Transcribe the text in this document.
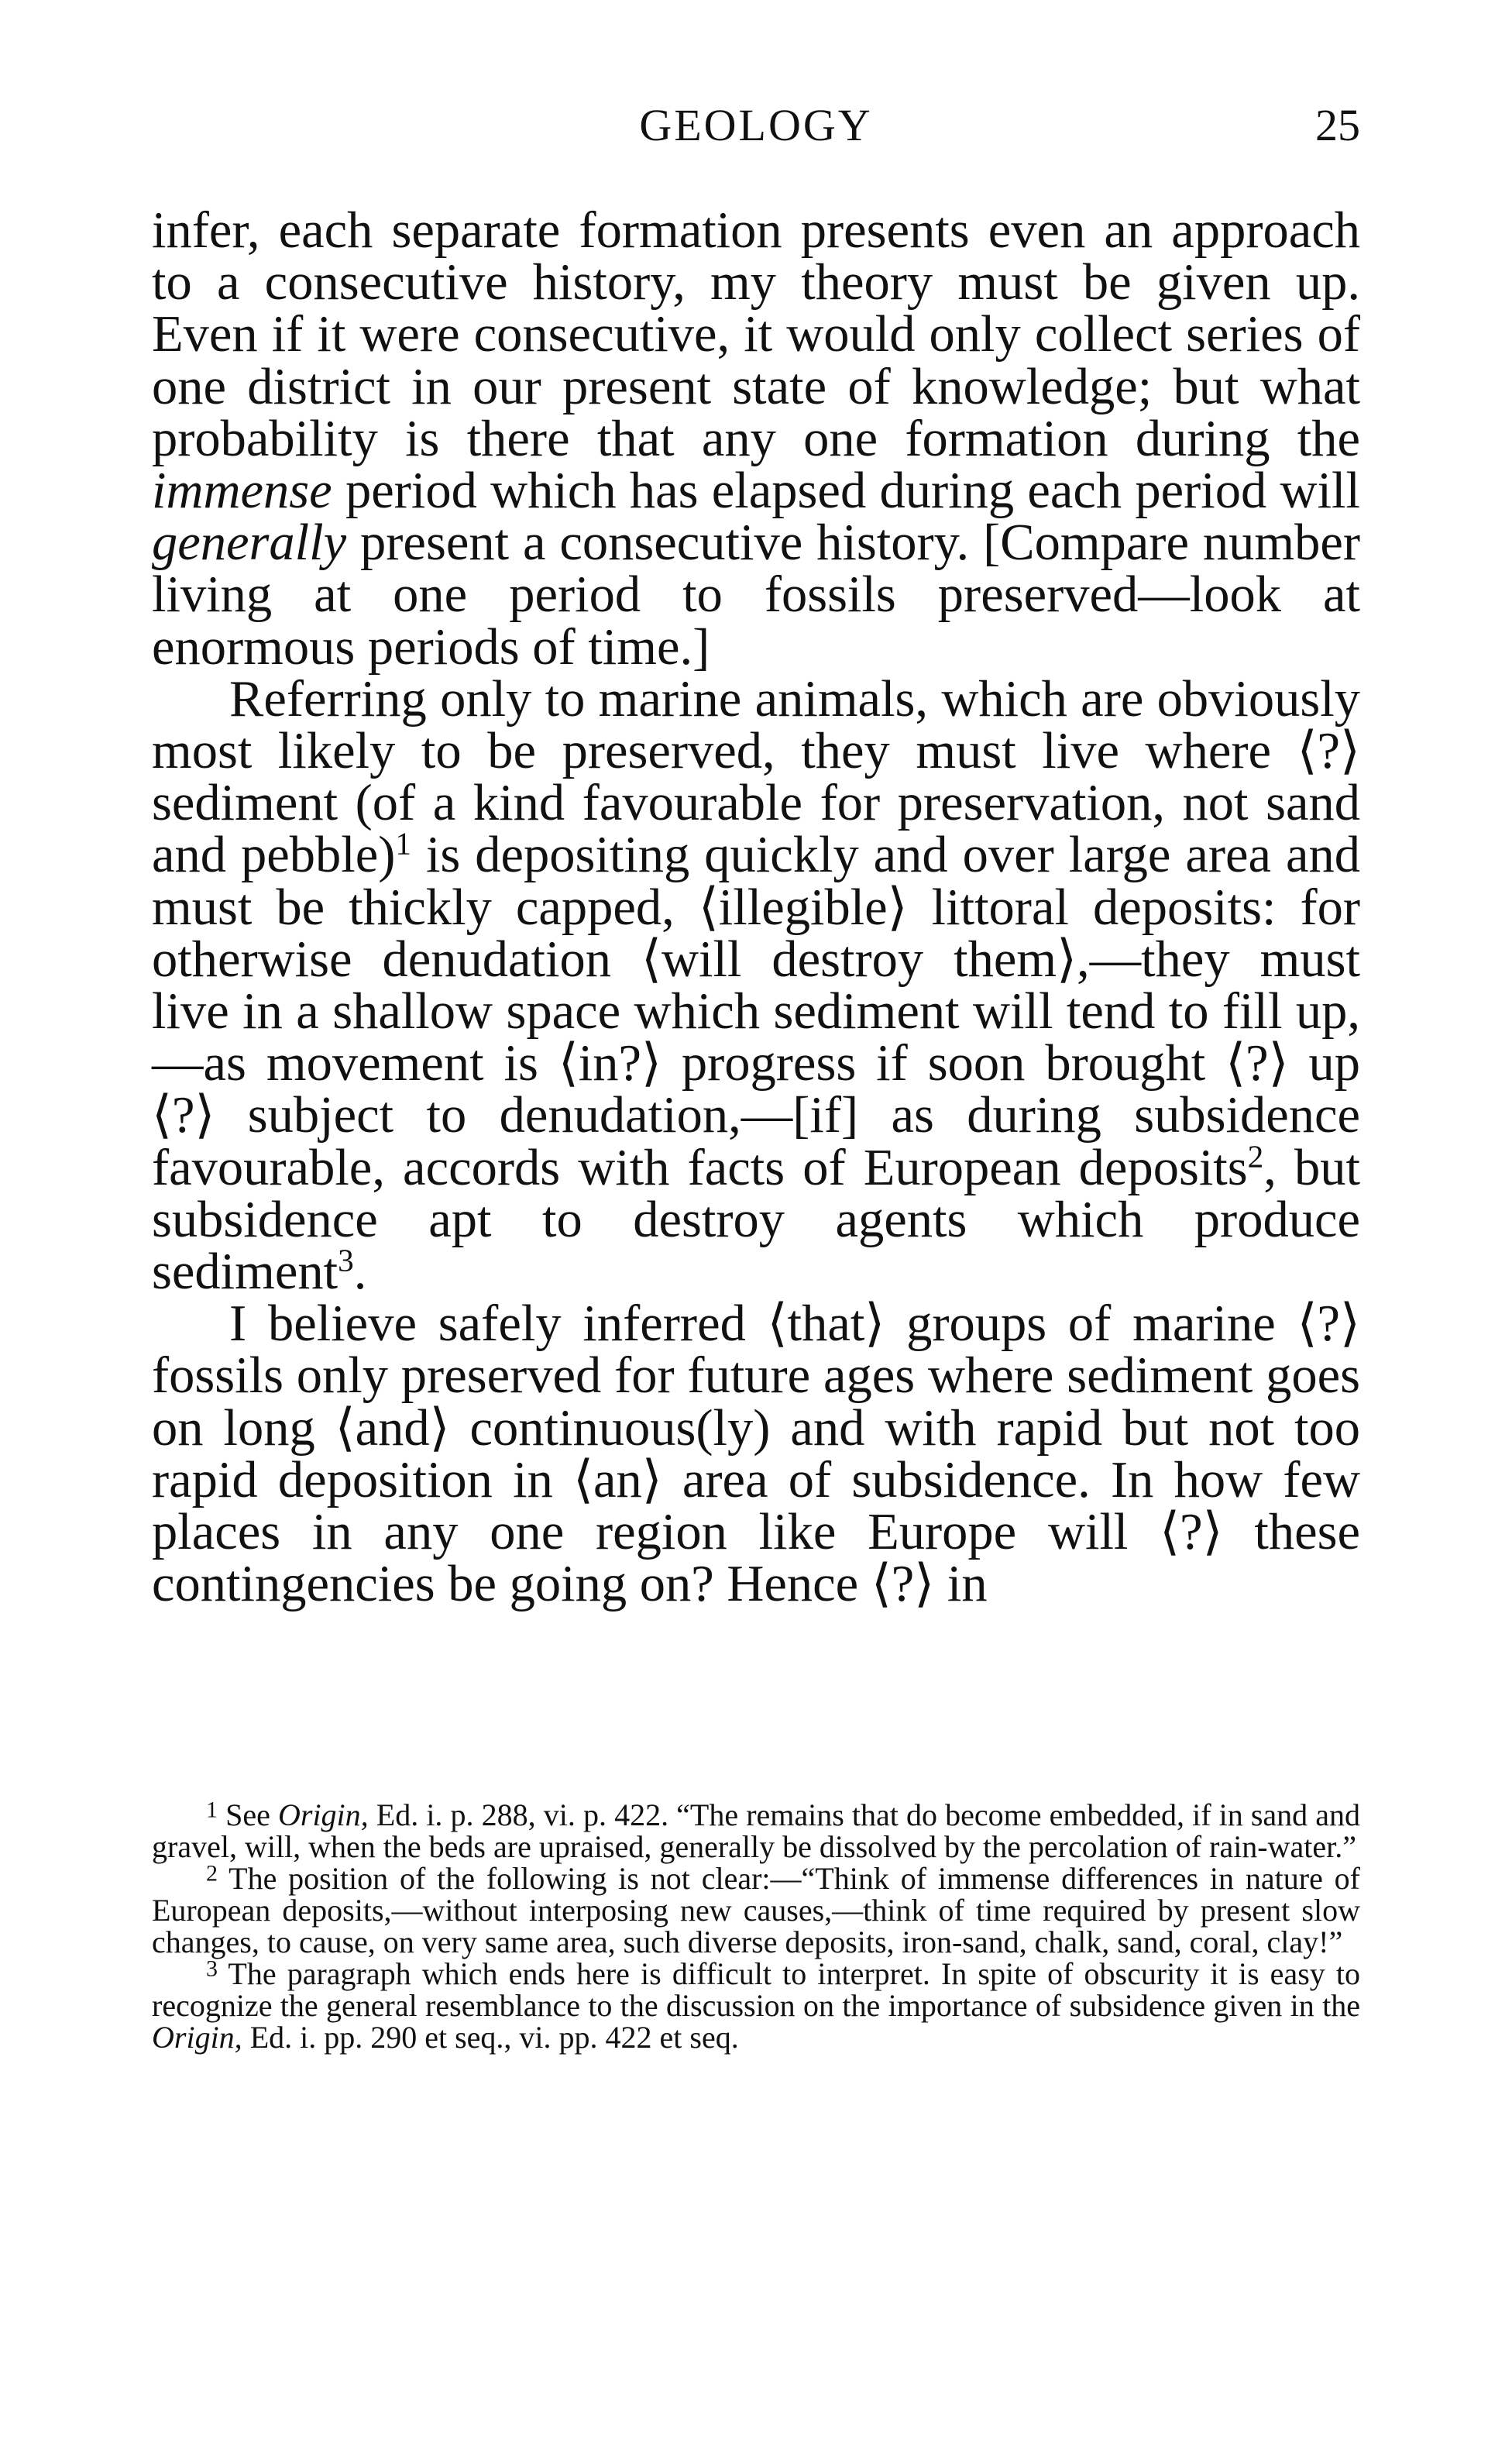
GEOLOGY	25

infer, each separate formation presents even an approach to a consecutive history, my theory must be given up. Even if it were consecutive, it would only collect series of one district in our present state of knowledge; but what probability is there that any one formation during the immense period which has elapsed during each period will generally present a consecutive history. [Compare number living at one period to fossils preserved—look at enormous periods of time.]

Referring only to marine animals, which are obviously most likely to be preserved, they must live where ⟨?⟩ sediment (of a kind favourable for preservation, not sand and pebble)$^1$ is depositing quickly and over large area and must be thickly capped, ⟨illegible⟩ littoral deposits: for otherwise denudation ⟨will destroy them⟩,—they must live in a shallow space which sediment will tend to fill up,—as movement is ⟨in?⟩ progress if soon brought ⟨?⟩ up ⟨?⟩ subject to denudation,—[if] as during subsidence favourable, accords with facts of European deposits$^2$, but subsidence apt to destroy agents which produce sediment$^3$.

I believe safely inferred ⟨that⟩ groups of marine ⟨?⟩ fossils only preserved for future ages where sediment goes on long ⟨and⟩ continuous(ly) and with rapid but not too rapid deposition in ⟨an⟩ area of subsidence. In how few places in any one region like Europe will ⟨?⟩ these contingencies be going on? Hence ⟨?⟩ in

$^1$ See Origin, Ed. i. p. 288, vi. p. 422. “The remains that do become embedded, if in sand and gravel, will, when the beds are upraised, generally be dissolved by the percolation of rain-water.”

$^2$ The position of the following is not clear:—“Think of immense differences in nature of European deposits,—without interposing new causes,—think of time required by present slow changes, to cause, on very same area, such diverse deposits, iron-sand, chalk, sand, coral, clay!”

$^3$ The paragraph which ends here is difficult to interpret. In spite of obscurity it is easy to recognize the general resemblance to the discussion on the importance of subsidence given in the Origin, Ed. i. pp. 290 et seq., vi. pp. 422 et seq.
